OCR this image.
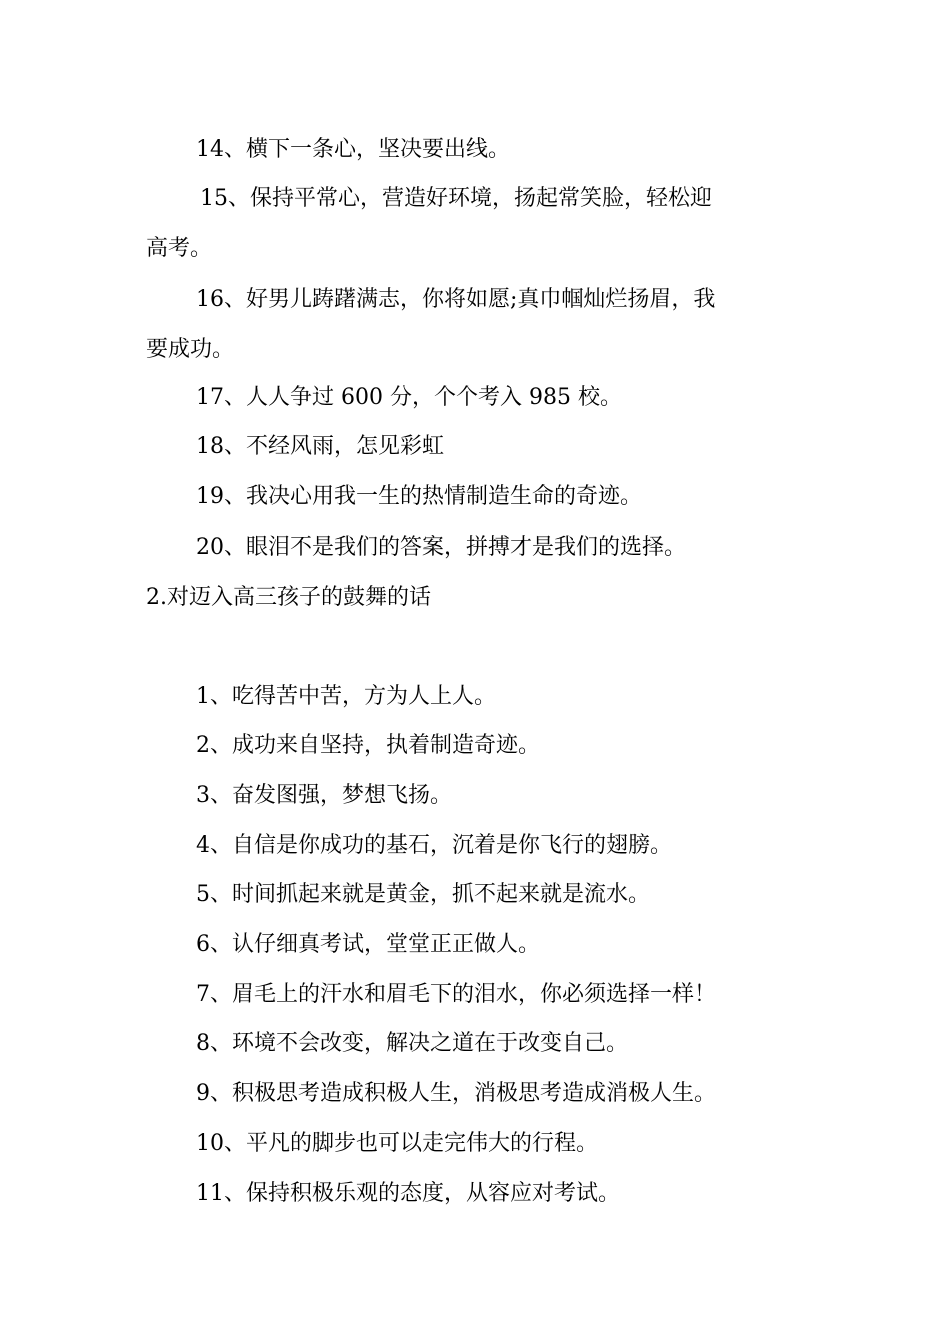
14、横下一条心，坚决要出线。
15、保持平常心，营造好环境，扬起常笑脸，轻松迎
高考。
16、好男儿踌躇满志，你将如愿;真巾帼灿烂扬眉，我
要成功。
17、人人争过 600 分，个个考入 985 校。
18、不经风雨，怎见彩虹
19、我决心用我一生的热情制造生命的奇迹。
20、眼泪不是我们的答案，拼搏才是我们的选择。
2.对迈入高三孩子的鼓舞的话
1、吃得苦中苦，方为人上人。
2、成功来自坚持，执着制造奇迹。
3、奋发图强，梦想飞扬。
4、自信是你成功的基石，沉着是你飞行的翅膀。
5、时间抓起来就是黄金，抓不起来就是流水。
6、认仔细真考试，堂堂正正做人。
7、眉毛上的汗水和眉毛下的泪水，你必须选择一样！
8、环境不会改变，解决之道在于改变自己。
9、积极思考造成积极人生，消极思考造成消极人生。
10、平凡的脚步也可以走完伟大的行程。
11、保持积极乐观的态度，从容应对考试。
